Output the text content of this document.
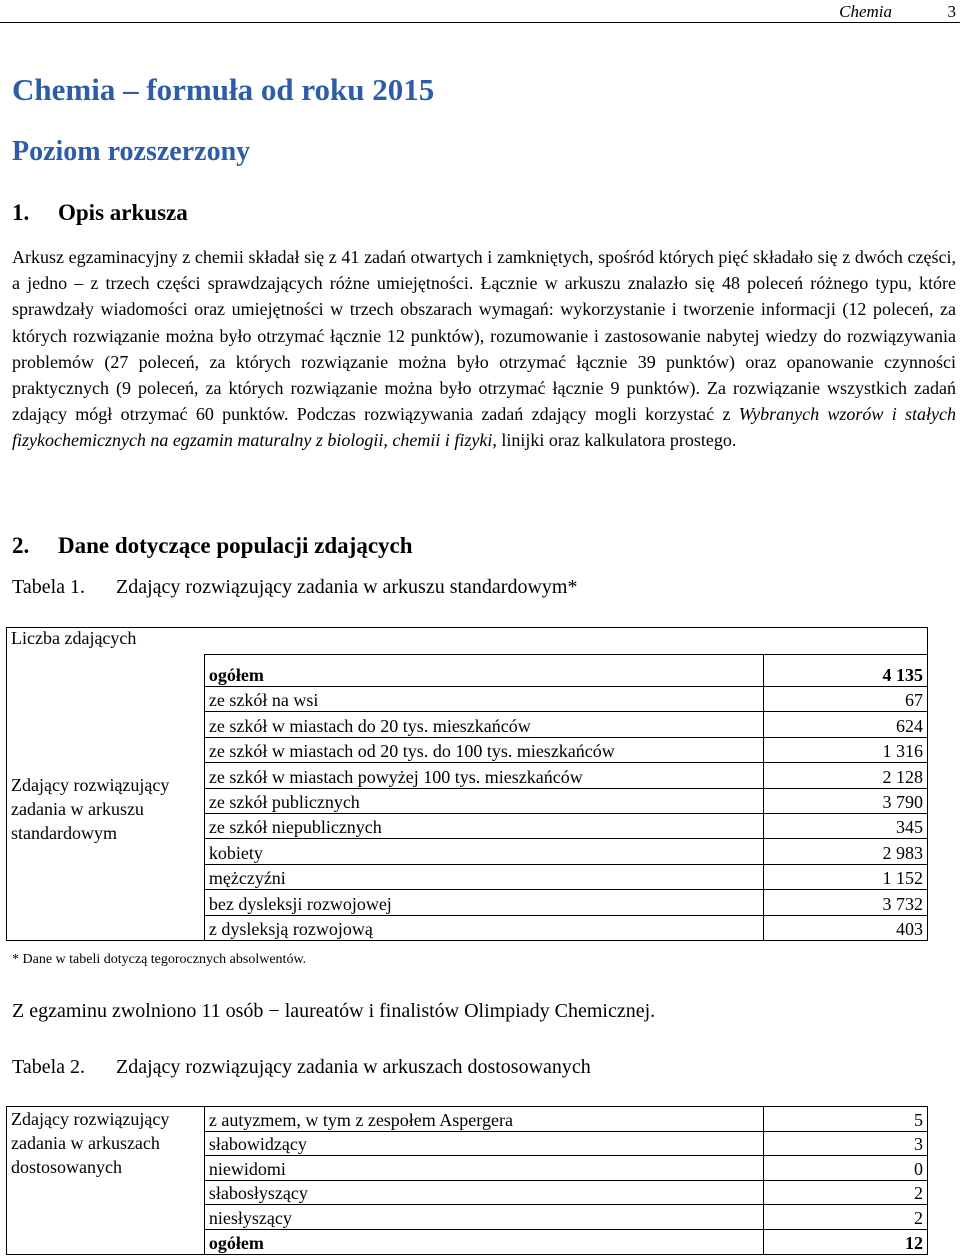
Chemia	3
Chemia – formuła od roku 2015
Poziom rozszerzony
1. Opis arkusza

Arkusz egzaminacyjny z chemii składał się z 41 zadań otwartych i zamkniętych, spośród których pięć składało się z dwóch części, a jedno – z trzech części sprawdzających różne umiejętności. Łącznie w arkuszu znalazło się 48 poleceń różnego typu, które sprawdzały wiadomości oraz umiejętności w trzech obszarach wymagań: wykorzystanie i tworzenie informacji (12 poleceń, za których rozwiązanie można było otrzymać łącznie 12 punktów), rozumowanie i zastosowanie nabytej wiedzy do rozwiązywania problemów (27 poleceń, za których rozwiązanie można było otrzymać łącznie 39 punktów) oraz opanowanie czynności praktycznych (9 poleceń, za których rozwiązanie można było otrzymać łącznie 9 punktów). Za rozwiązanie wszystkich zadań zdający mógł otrzymać 60 punktów. Podczas rozwiązywania zadań zdający mogli korzystać z Wybranych wzorów i stałych fizykochemicznych na egzamin maturalny z biologii, chemii i fizyki, linijki oraz kalkulatora prostego.

2. Dane dotyczące populacji zdających

Tabela 1. Zdający rozwiązujący zadania w arkuszu standardowym*

Liczba zdających		
Zdający rozwiązujący zadania w arkuszu standardowym	ogółem	4 135
	ze szkół na wsi	67
	ze szkół w miastach do 20 tys. mieszkańców	624
	ze szkół w miastach od 20 tys. do 100 tys. mieszkańców	1 316
	ze szkół w miastach powyżej 100 tys. mieszkańców	2 128
	ze szkół publicznych	3 790
	ze szkół niepublicznych	345
	kobiety	2 983
	mężczyźni	1 152
	bez dysleksji rozwojowej	3 732
	z dysleksją rozwojową	403

* Dane w tabeli dotyczą tegorocznych absolwentów.

Z egzaminu zwolniono 11 osób − laureatów i finalistów Olimpiady Chemicznej.

Tabela 2. Zdający rozwiązujący zadania w arkuszach dostosowanych

Zdający rozwiązujący zadania w arkuszach dostosowanych	z autyzmem, w tym z zespołem Aspergera	5
	słabowidzący	3
	niewidomi	0
	słabosłyszący	2
	niesłyszący	2
	ogółem	12
